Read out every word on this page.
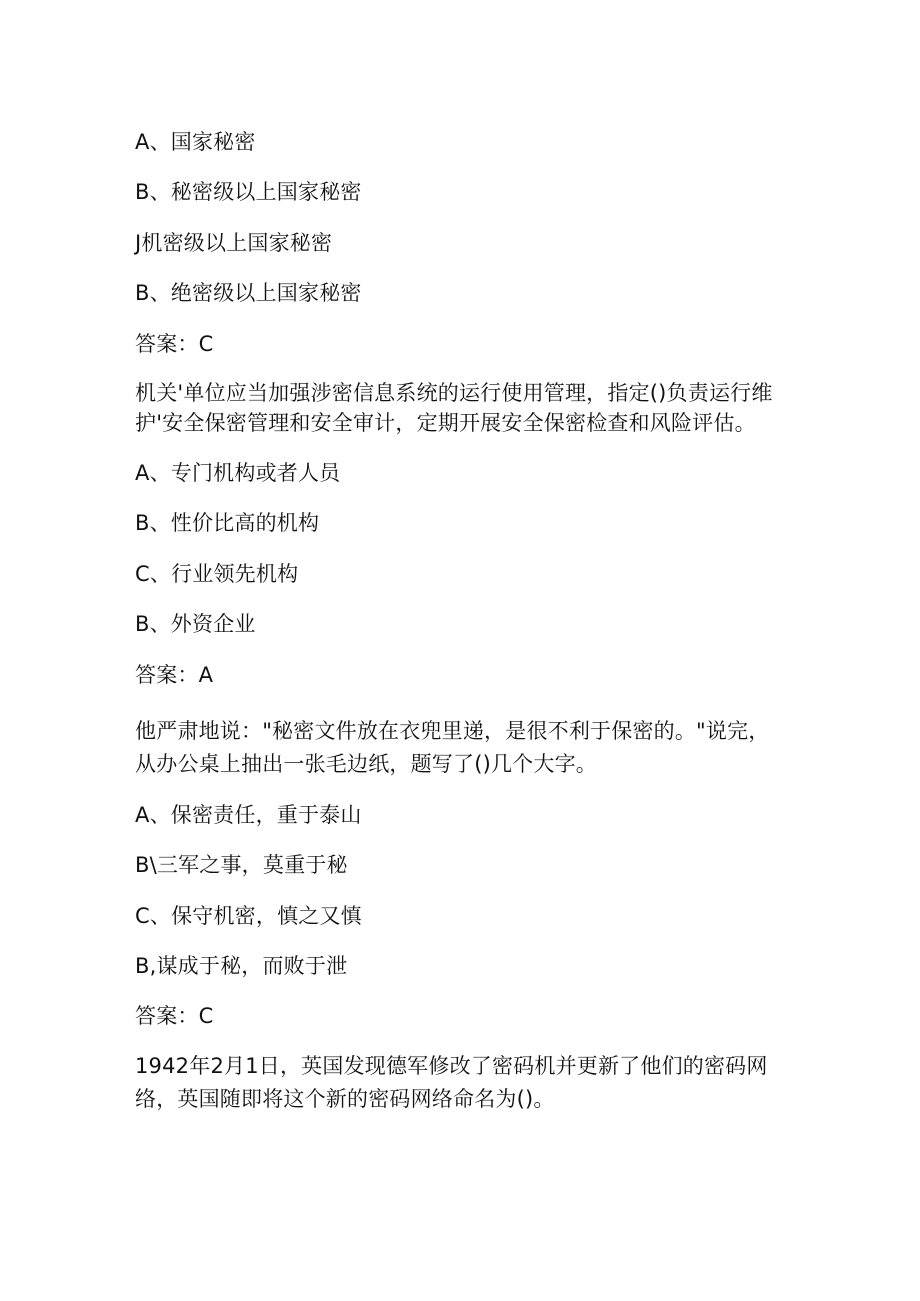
A、国家秘密
B、秘密级以上国家秘密
J机密级以上国家秘密
B、绝密级以上国家秘密
答案：C
机关'单位应当加强涉密信息系统的运行使用管理，指定()负责运行维
护'安全保密管理和安全审计，定期开展安全保密检查和风险评估。
A、专门机构或者人员
B、性价比高的机构
C、行业领先机构
B、外资企业
答案：A
他严肃地说："秘密文件放在衣兜里递，是很不利于保密的。"说完，
从办公桌上抽出一张毛边纸，题写了()几个大字。
A、保密责任，重于泰山
B\三军之事，莫重于秘
C、保守机密，慎之又慎
B,谋成于秘，而败于泄
答案：C
1942年2月1日，英国发现德军修改了密码机并更新了他们的密码网
络，英国随即将这个新的密码网络命名为()。
